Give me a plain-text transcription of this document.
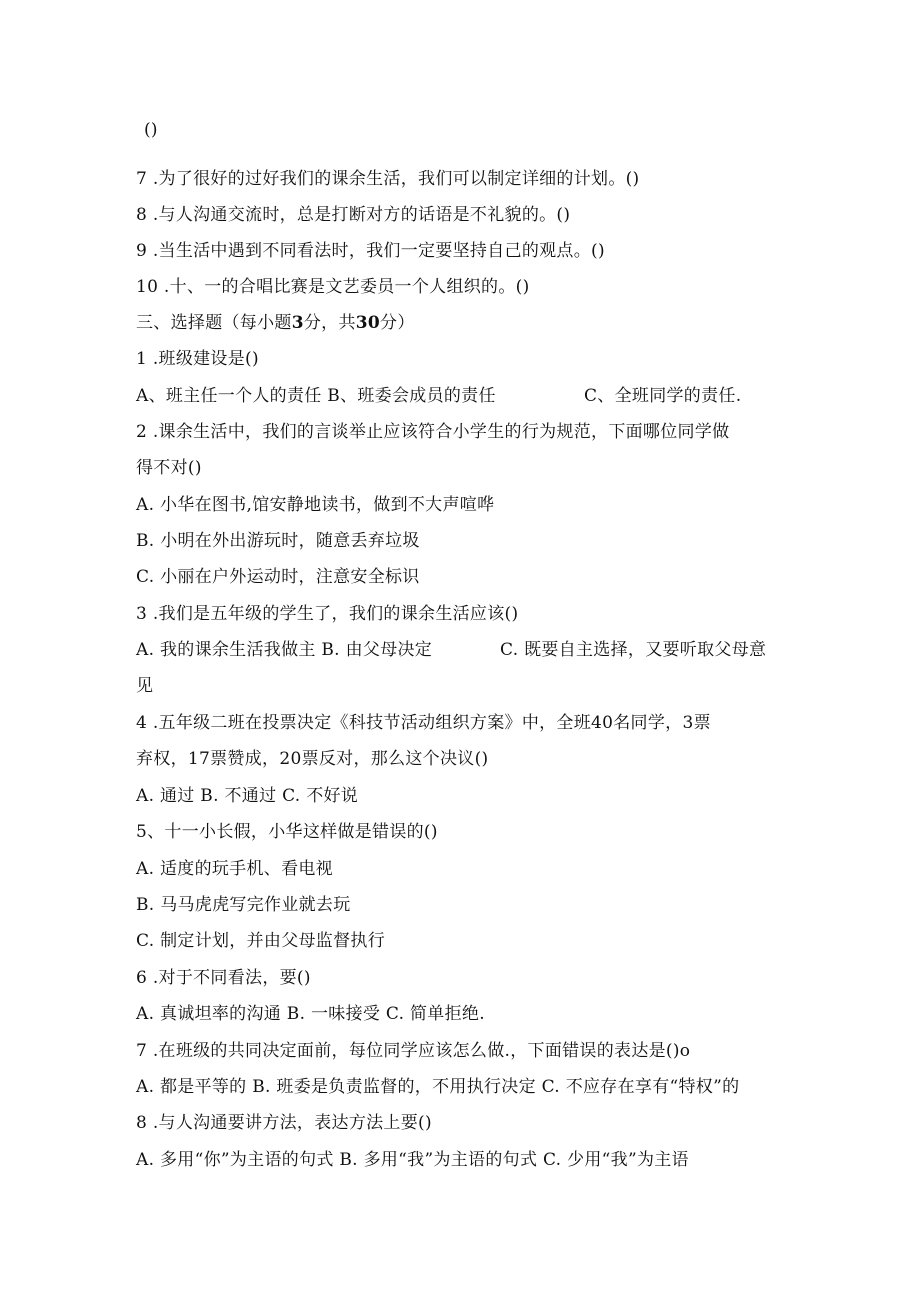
()
7 .为了很好的过好我们的课余生活，我们可以制定详细的计划。()
8 .与人沟通交流时，总是打断对方的话语是不礼貌的。()
9 .当生活中遇到不同看法时，我们一定要坚持自己的观点。()
10 .十、一的合唱比赛是文艺委员一个人组织的。()
三、选择题（每小题3分，共30分）
1 .班级建设是()
A、班主任一个人的责任 B、班委会成员的责任	C、全班同学的责任.
2 .课余生活中，我们的言谈举止应该符合小学生的行为规范，下面哪位同学做
得不对()
A. 小华在图书,馆安静地读书，做到不大声喧哗
B. 小明在外出游玩时，随意丢弃垃圾
C. 小丽在户外运动时，注意安全标识
3 .我们是五年级的学生了，我们的课余生活应该()
A. 我的课余生活我做主 B. 由父母决定	C. 既要自主选择，又要听取父母意
见
4 .五年级二班在投票决定《科技节活动组织方案》中，全班40名同学，3票
弃权，17票赞成，20票反对，那么这个决议()
A. 通过 B. 不通过 C. 不好说
5、十一小长假，小华这样做是错误的()
A. 适度的玩手机、看电视
B. 马马虎虎写完作业就去玩
C. 制定计划，并由父母监督执行
6 .对于不同看法，要()
A. 真诚坦率的沟通 B. 一味接受 C. 简单拒绝.
7 .在班级的共同决定面前，每位同学应该怎么做.，下面错误的表达是()o
A. 都是平等的 B. 班委是负责监督的，不用执行决定 C. 不应存在享有“特权”的
8 .与人沟通要讲方法，表达方法上要()
A. 多用“你”为主语的句式 B. 多用“我”为主语的句式 C. 少用“我”为主语
